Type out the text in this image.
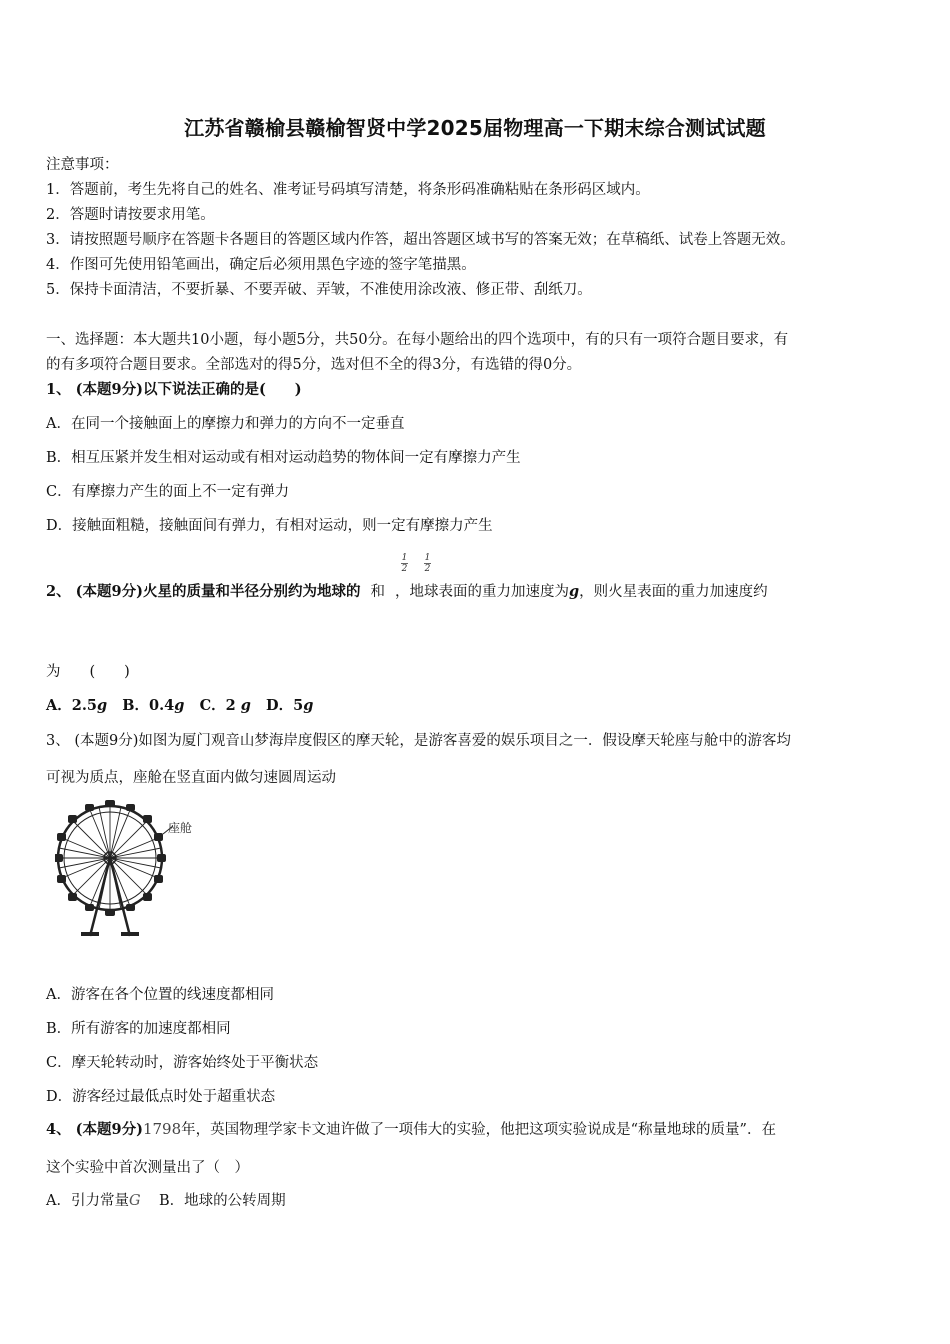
江苏省赣榆县赣榆智贤中学2025届物理高一下期末综合测试试题
注意事项：
1．答题前，考生先将自己的姓名、准考证号码填写清楚，将条形码准确粘贴在条形码区域内。
2．答题时请按要求用笔。
3．请按照题号顺序在答题卡各题目的答题区域内作答，超出答题区域书写的答案无效；在草稿纸、试卷上答题无效。
4．作图可先使用铅笔画出，确定后必须用黑色字迹的签字笔描黑。
5．保持卡面清洁，不要折暴、不要弄破、弄皱，不准使用涂改液、修正带、刮纸刀。
一、选择题：本大题共10小题，每小题5分，共50分。在每小题给出的四个选项中，有的只有一项符合题目要求，有
的有多项符合题目要求。全部选对的得5分，选对但不全的得3分，有选错的得0分。
1、 (本题9分)以下说法正确的是(　　)
A．在同一个接触面上的摩擦力和弹力的方向不一定垂直
B．相互压紧并发生相对运动或有相对运动趋势的物体间一定有摩擦力产生
C．有摩擦力产生的面上不一定有弹力
D．接触面粗糙，接触面间有弹力，有相对运动，则一定有摩擦力产生
2、 (本题9分)火星的质量和半径分别约为地球的 和 ，地球表面的重力加速度为g，则火星表面的重力加速度约
1
2
1
2
为　　(　　)
A．2.5g B．0.4g C．2 g D．5g
3、 (本题9分)如图为厦门观音山梦海岸度假区的摩天轮，是游客喜爱的娱乐项目之一．假设摩天轮座与舱中的游客均
可视为质点，座舱在竖直面内做匀速圆周运动
座舱
A．游客在各个位置的线速度都相同
B．所有游客的加速度都相同
C．摩天轮转动时，游客始终处于平衡状态
D．游客经过最低点时处于超重状态
4、 (本题9分)1798年，英国物理学家卡文迪许做了一项伟大的实验，他把这项实验说成是“称量地球的质量”．在
这个实验中首次测量出了（　）
A．引力常量G B．地球的公转周期
